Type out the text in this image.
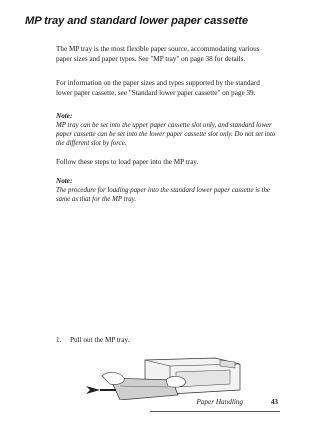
MP tray and standard lower paper cassette

The MP tray is the most flexible paper source, accommodating various paper sizes and paper types. See "MP tray" on page 38 for details.

For information on the paper sizes and types supported by the standard lower paper cassette, see "Standard lower paper cassette" on page 39.

Note:

MP tray can be set into the upper paper cassette slot only, and standard lower paper cassette can be set into the lower paper cassette slot only. Do not set into the different slot by force.

Follow these steps to load paper into the MP tray.

Note:

The procedure for loading paper into the standard lower paper cassette is the same as that for the MP tray.

1. Pull out the MP tray.
Paper Handling	43
